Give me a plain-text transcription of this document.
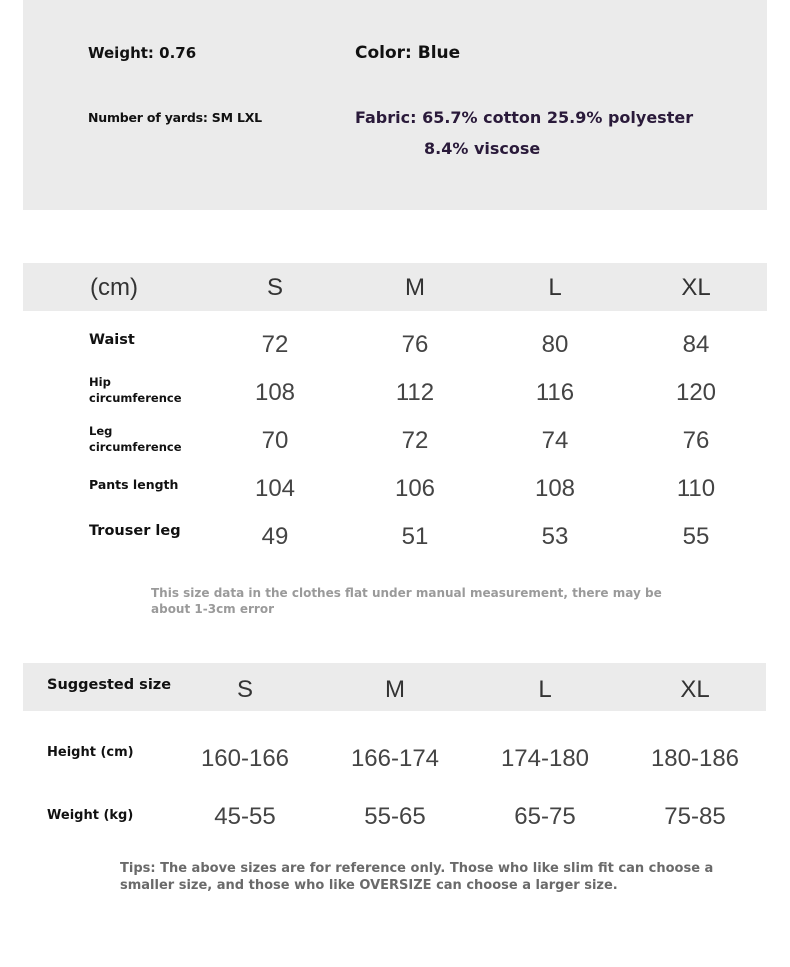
Weight: 0.76	Color: Blue
Number of yards: SM LXL	Fabric: 65.7% cotton 25.9% polyester
8.4% viscose
(cm)	S	M	L	XL
Waist	72	76	80	84
Hip
circumference	108	112	116	120
Leg
circumference	70	72	74	76
Pants length	104	106	108	110
Trouser leg	49	51	53	55
This size data in the clothes flat under manual measurement, there may be
about 1-3cm error
Suggested size	S	M	L	XL
Height (cm)	160-166	166-174	174-180	180-186
Weight (kg)	45-55	55-65	65-75	75-85
Tips: The above sizes are for reference only. Those who like slim fit can choose a
smaller size, and those who like OVERSIZE can choose a larger size.
